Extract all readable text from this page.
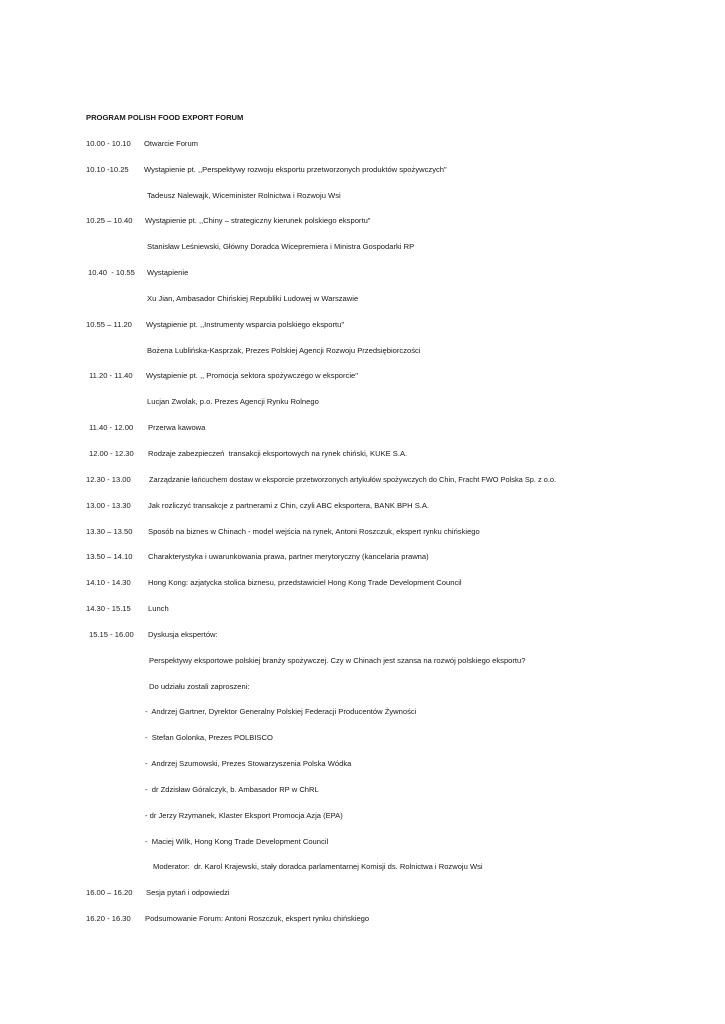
PROGRAM POLISH FOOD EXPORT FORUM
10.00 - 10.10 Otwarcie Forum
10.10 -10.25 Wystąpienie pt. ,,Perspektywy rozwoju eksportu przetworzonych produktów spożywczych"
Tadeusz Nalewajk, Wiceminister Rolnictwa i Rozwoju Wsi
10.25 – 10.40 Wystąpienie pt. ,,Chiny – strategiczny kierunek polskiego eksportu"
Stanisław Leśniewski, Główny Doradca Wicepremiera i Ministra Gospodarki RP
10.40  - 10.55 Wystąpienie
Xu Jian, Ambasador Chińskiej Republiki Ludowej w Warszawie
10.55 – 11.20 Wystąpienie pt. ,,Instrumenty wsparcia polskiego eksportu"
Bożena Lublińska-Kasprzak, Prezes Polskiej Agencji Rozwoju Przedsiębiorczości
11.20 - 11.40 Wystąpienie pt. ,, Promocja sektora spożywczego w eksporcie"
Lucjan Zwolak, p.o. Prezes Agencji Rynku Rolnego
11.40 - 12.00 Przerwa kawowa
12.00 - 12.30 Rodzaje zabezpieczeń  transakcji eksportowych na rynek chiński, KUKE S.A.
12.30 - 13.00 Zarządzanie łańcuchem dostaw w eksporcie przetworzonych artykułów spożywczych do Chin, Fracht FWO Polska Sp. z o.o.
13.00 - 13.30 Jak rozliczyć transakcje z partnerami z Chin, czyli ABC eksportera, BANK BPH S.A.
13.30 – 13.50 Sposób na biznes w Chinach - model wejścia na rynek, Antoni Roszczuk, ekspert rynku chińskiego
13.50 – 14.10 Charakterystyka i uwarunkowania prawa, partner merytoryczny (kancelaria prawna)
14.10 - 14.30 Hong Kong: azjatycka stolica biznesu, przedstawiciel Hong Kong Trade Development Council
14.30 - 15.15 Lunch
15.15 - 16.00 Dyskusja ekspertów:
Perspektywy eksportowe polskiej branży spożywczej. Czy w Chinach jest szansa na rozwój polskiego eksportu?
Do udziału zostali zaproszeni:
-  Andrzej Gartner, Dyrektor Generalny Polskiej Federacji Producentów Żywności
-  Stefan Golonka, Prezes POLBISCO
-  Andrzej Szumowski, Prezes Stowarzyszenia Polska Wódka
-  dr Zdzisław Góralczyk, b. Ambasador RP w ChRL
- dr Jerzy Rzymanek, Klaster Eksport Promocja Azja (EPA)
-  Maciej Wilk, Hong Kong Trade Development Council
Moderator:  dr. Karol Krajewski, stały doradca parlamentarnej Komisji ds. Rolnictwa i Rozwoju Wsi
16.00 – 16.20 Sesja pytań i odpowiedzi
16.20 - 16.30 Podsumowanie Forum: Antoni Roszczuk, ekspert rynku chińskiego
